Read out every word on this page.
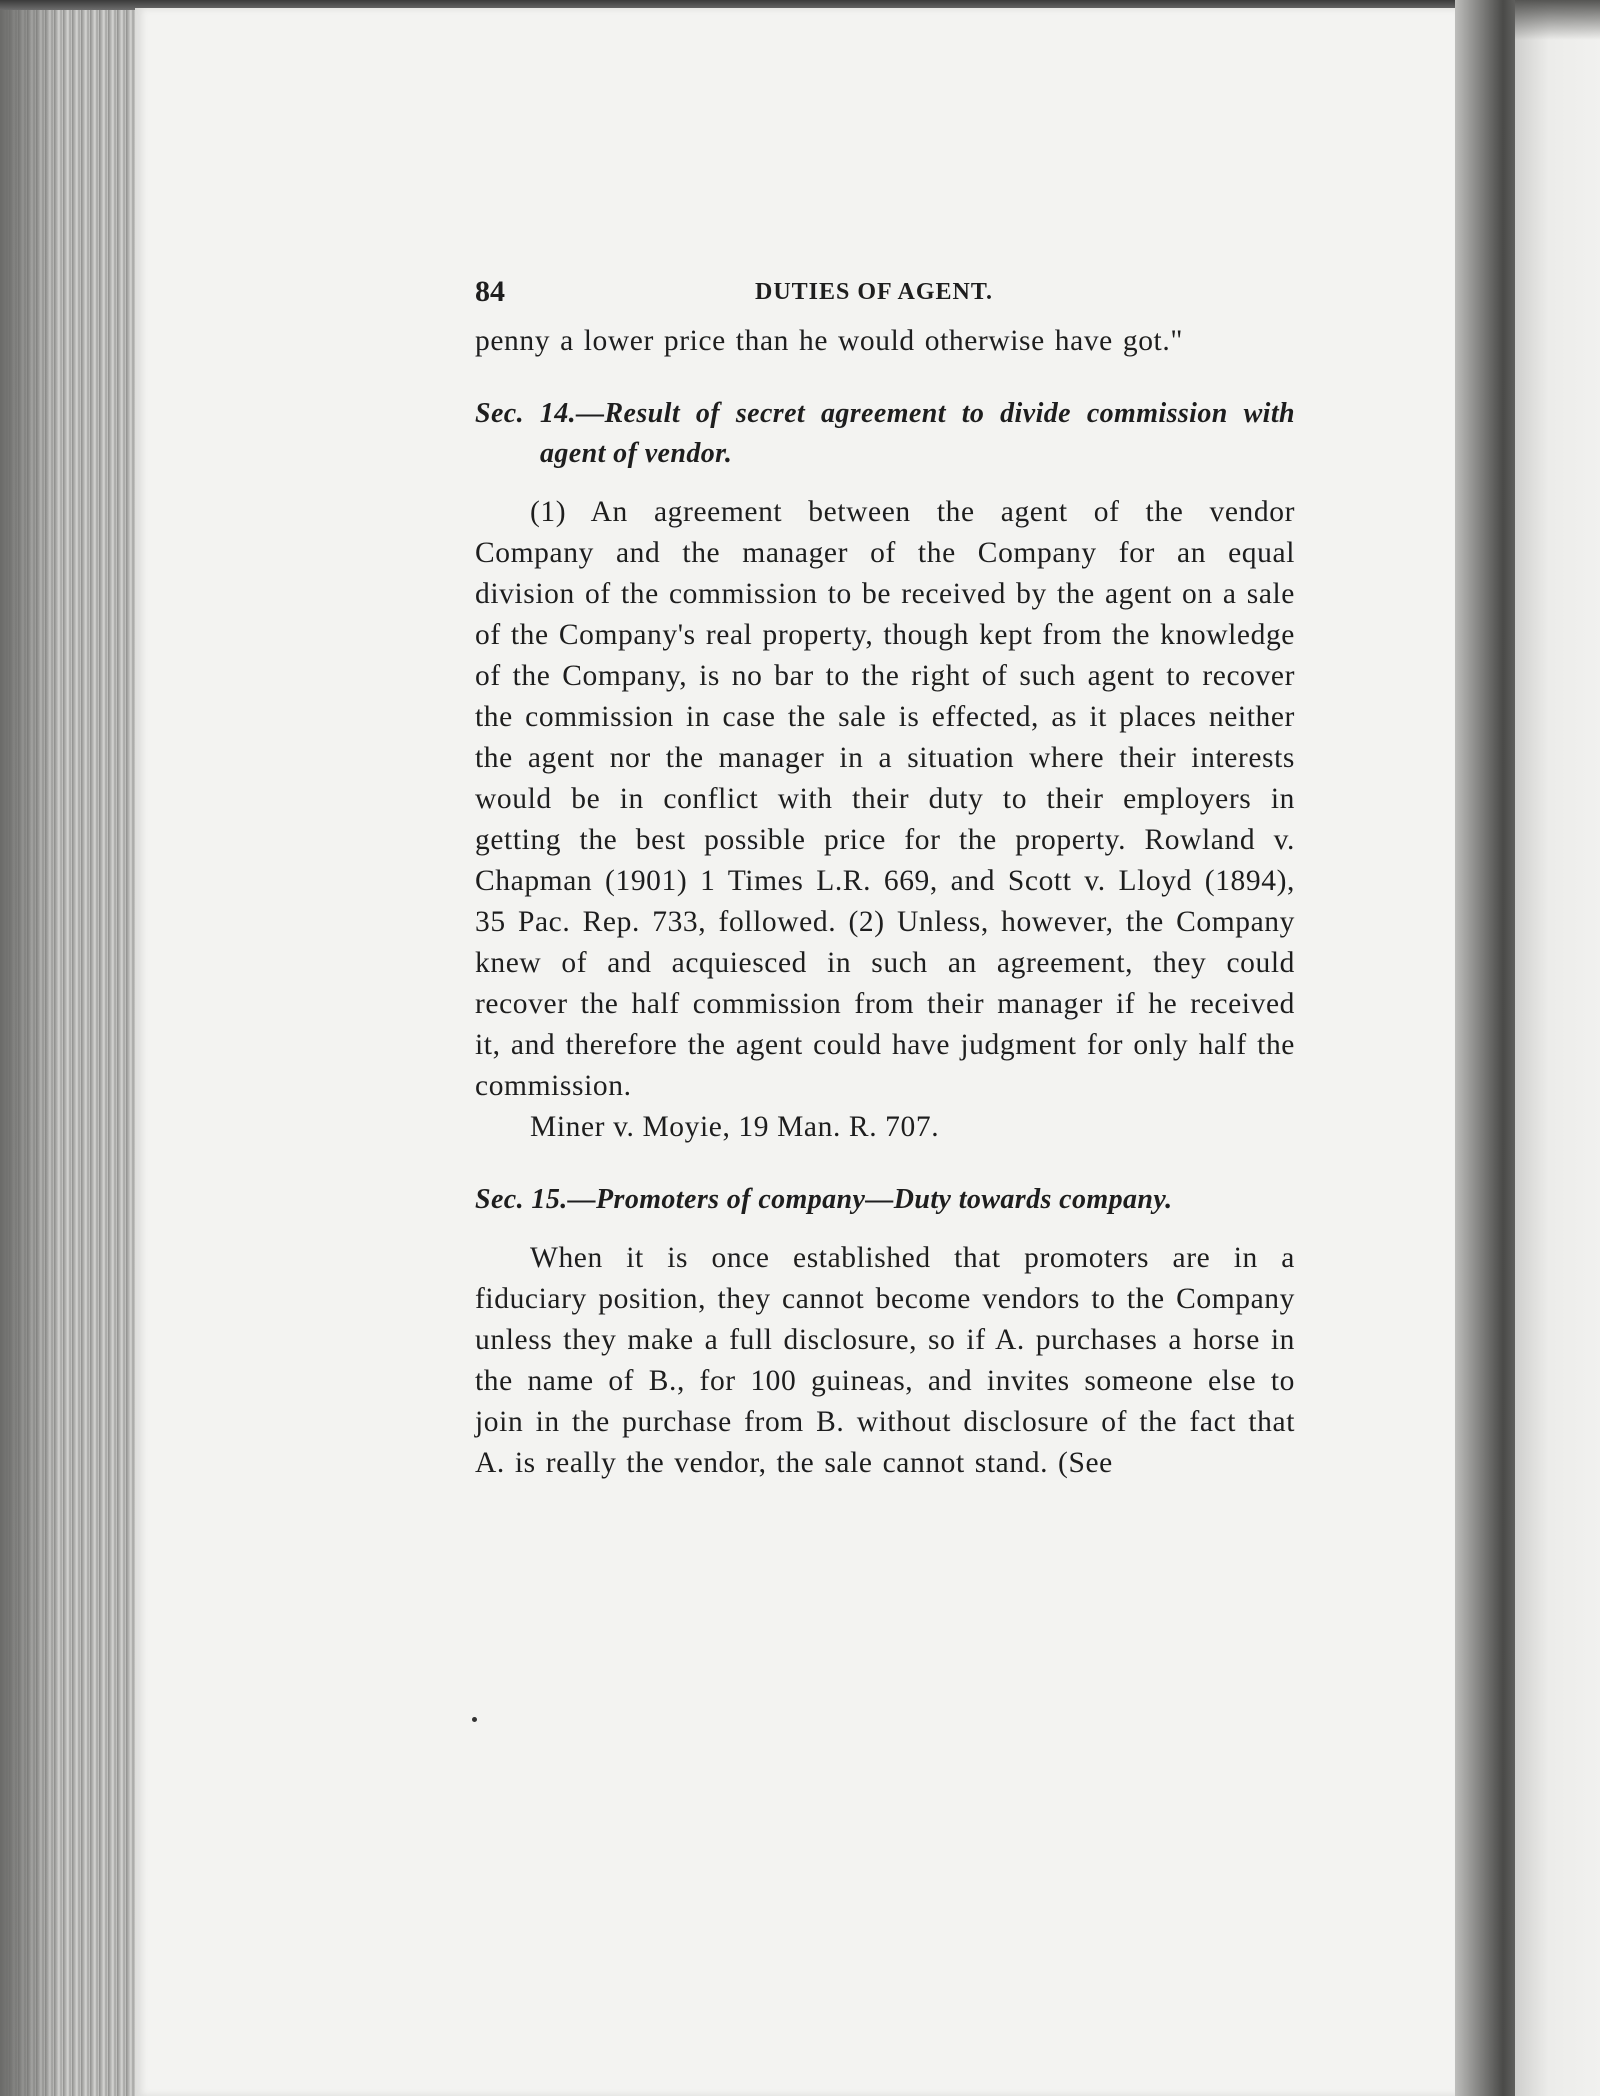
84	DUTIES OF AGENT.

penny a lower price than he would otherwise have got."

Sec. 14.—Result of secret agreement to divide commission with agent of vendor.

(1) An agreement between the agent of the vendor Company and the manager of the Company for an equal division of the commission to be received by the agent on a sale of the Company's real property, though kept from the knowledge of the Company, is no bar to the right of such agent to recover the commission in case the sale is effected, as it places neither the agent nor the manager in a situation where their interests would be in conflict with their duty to their employers in getting the best possible price for the property. Rowland v. Chapman (1901) 1 Times L.R. 669, and Scott v. Lloyd (1894), 35 Pac. Rep. 733, followed. (2) Unless, however, the Company knew of and acquiesced in such an agreement, they could recover the half commission from their manager if he received it, and therefore the agent could have judgment for only half the commission.

Miner v. Moyie, 19 Man. R. 707.

Sec. 15.—Promoters of company—Duty towards company.

When it is once established that promoters are in a fiduciary position, they cannot become vendors to the Company unless they make a full disclosure, so if A. purchases a horse in the name of B., for 100 guineas, and invites someone else to join in the purchase from B. without disclosure of the fact that A. is really the vendor, the sale cannot stand. (See
